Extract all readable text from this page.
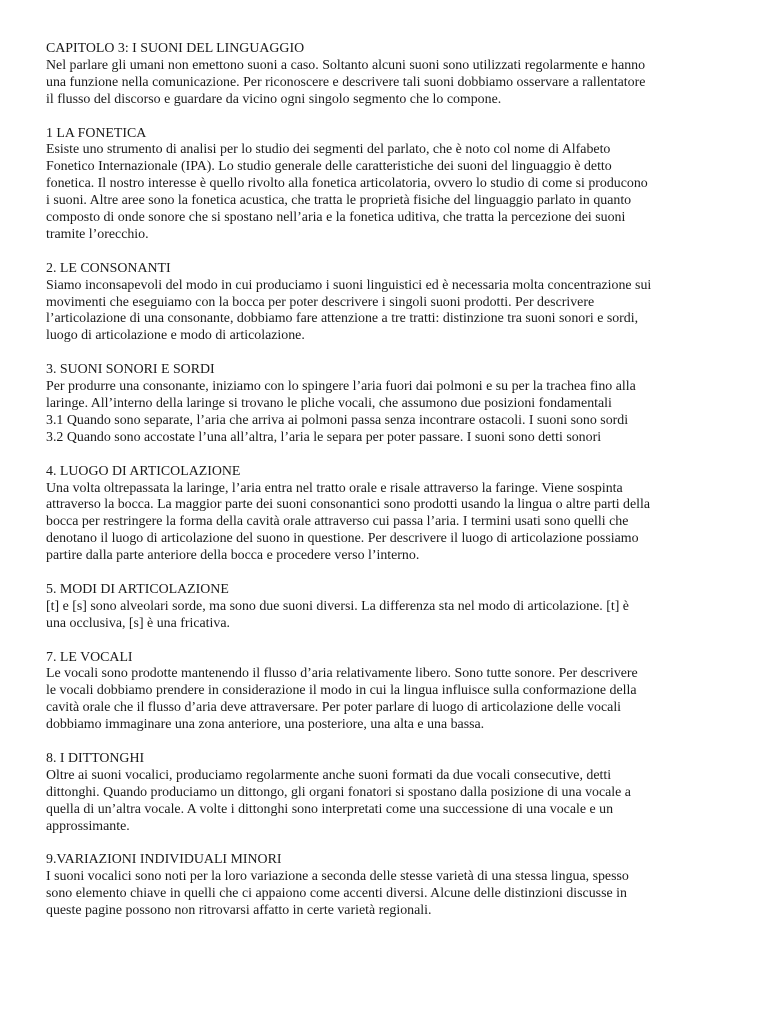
CAPITOLO 3: I SUONI DEL LINGUAGGIO
Nel parlare gli umani non emettono suoni a caso. Soltanto alcuni suoni sono utilizzati regolarmente e hanno
una funzione nella comunicazione. Per riconoscere e descrivere tali suoni dobbiamo osservare a rallentatore
il flusso del discorso e guardare da vicino ogni singolo segmento che lo compone.
1 LA FONETICA
Esiste uno strumento di analisi per lo studio dei segmenti del parlato, che è noto col nome di Alfabeto
Fonetico Internazionale (IPA). Lo studio generale delle caratteristiche dei suoni del linguaggio è detto
fonetica. Il nostro interesse è quello rivolto alla fonetica articolatoria, ovvero lo studio di come si producono
i suoni. Altre aree sono la fonetica acustica, che tratta le proprietà fisiche del linguaggio parlato in quanto
composto di onde sonore che si spostano nell’aria e la fonetica uditiva, che tratta la percezione dei suoni
tramite l’orecchio.
2. LE CONSONANTI
Siamo inconsapevoli del modo in cui produciamo i suoni linguistici ed è necessaria molta concentrazione sui
movimenti che eseguiamo con la bocca per poter descrivere i singoli suoni prodotti. Per descrivere
l’articolazione di una consonante, dobbiamo fare attenzione a tre tratti: distinzione tra suoni sonori e sordi,
luogo di articolazione e modo di articolazione.
3. SUONI SONORI E SORDI
Per produrre una consonante, iniziamo con lo spingere l’aria fuori dai polmoni e su per la trachea fino alla
laringe. All’interno della laringe si trovano le pliche vocali, che assumono due posizioni fondamentali
3.1 Quando sono separate, l’aria che arriva ai polmoni passa senza incontrare ostacoli. I suoni sono sordi
3.2 Quando sono accostate l’una all’altra, l’aria le separa per poter passare. I suoni sono detti sonori
4. LUOGO DI ARTICOLAZIONE
Una volta oltrepassata la laringe, l’aria entra nel tratto orale e risale attraverso la faringe. Viene sospinta
attraverso la bocca. La maggior parte dei suoni consonantici sono prodotti usando la lingua o altre parti della
bocca per restringere la forma della cavità orale attraverso cui passa l’aria. I termini usati sono quelli che
denotano il luogo di articolazione del suono in questione. Per descrivere il luogo di articolazione possiamo
partire dalla parte anteriore della bocca e procedere verso l’interno.
5. MODI DI ARTICOLAZIONE
[t] e [s] sono alveolari sorde, ma sono due suoni diversi. La differenza sta nel modo di articolazione. [t] è
una occlusiva, [s] è una fricativa.
7. LE VOCALI
Le vocali sono prodotte mantenendo il flusso d’aria relativamente libero. Sono tutte sonore. Per descrivere
le vocali dobbiamo prendere in considerazione il modo in cui la lingua influisce sulla conformazione della
cavità orale che il flusso d’aria deve attraversare. Per poter parlare di luogo di articolazione delle vocali
dobbiamo immaginare una zona anteriore, una posteriore, una alta e una bassa.
8. I DITTONGHI
Oltre ai suoni vocalici, produciamo regolarmente anche suoni formati da due vocali consecutive, detti
dittonghi. Quando produciamo un dittongo, gli organi fonatori si spostano dalla posizione di una vocale a
quella di un’altra vocale. A volte i dittonghi sono interpretati come una successione di una vocale e un
approssimante.
9.VARIAZIONI INDIVIDUALI MINORI
I suoni vocalici sono noti per la loro variazione a seconda delle stesse varietà di una stessa lingua, spesso
sono elemento chiave in quelli che ci appaiono come accenti diversi. Alcune delle distinzioni discusse in
queste pagine possono non ritrovarsi affatto in certe varietà regionali.
